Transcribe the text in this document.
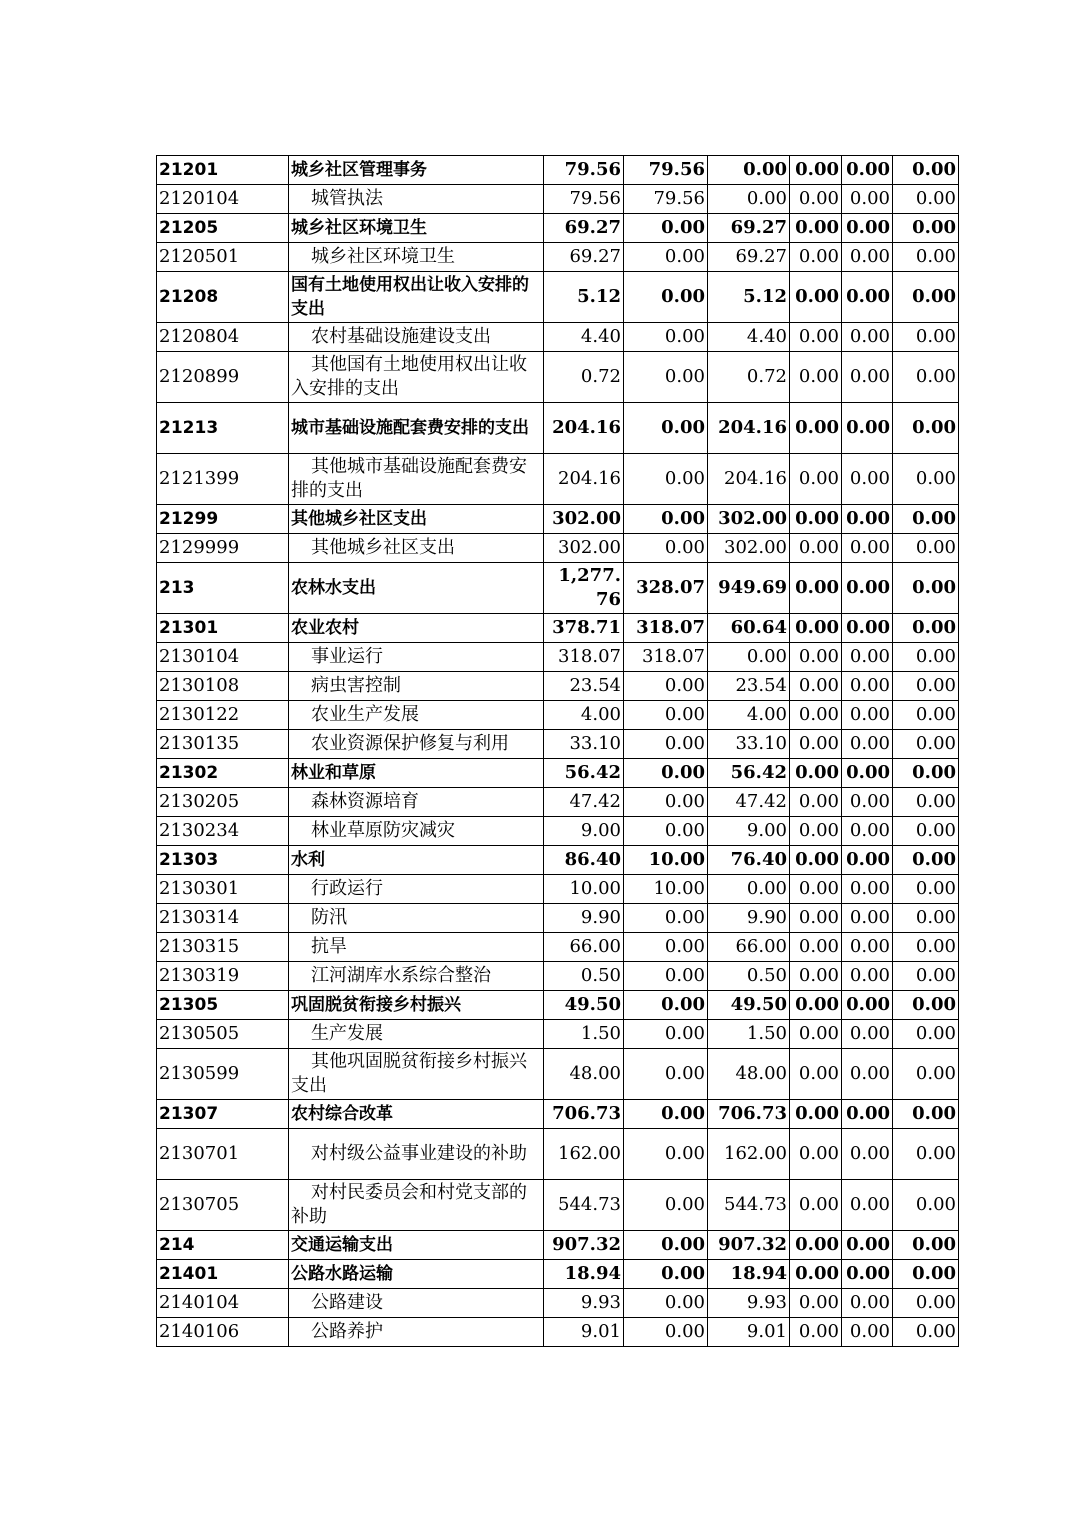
21201	城乡社区管理事务	79.56	79.56	0.00	0.00	0.00	0.00
2120104	城管执法	79.56	79.56	0.00	0.00	0.00	0.00
21205	城乡社区环境卫生	69.27	0.00	69.27	0.00	0.00	0.00
2120501	城乡社区环境卫生	69.27	0.00	69.27	0.00	0.00	0.00
21208	国有土地使用权出让收入安排的支出	5.12	0.00	5.12	0.00	0.00	0.00
2120804	农村基础设施建设支出	4.40	0.00	4.40	0.00	0.00	0.00
2120899	其他国有土地使用权出让收入安排的支出	0.72	0.00	0.72	0.00	0.00	0.00
21213	城市基础设施配套费安排的支出	204.16	0.00	204.16	0.00	0.00	0.00
2121399	其他城市基础设施配套费安排的支出	204.16	0.00	204.16	0.00	0.00	0.00
21299	其他城乡社区支出	302.00	0.00	302.00	0.00	0.00	0.00
2129999	其他城乡社区支出	302.00	0.00	302.00	0.00	0.00	0.00
213	农林水支出	1,277.76	328.07	949.69	0.00	0.00	0.00
21301	农业农村	378.71	318.07	60.64	0.00	0.00	0.00
2130104	事业运行	318.07	318.07	0.00	0.00	0.00	0.00
2130108	病虫害控制	23.54	0.00	23.54	0.00	0.00	0.00
2130122	农业生产发展	4.00	0.00	4.00	0.00	0.00	0.00
2130135	农业资源保护修复与利用	33.10	0.00	33.10	0.00	0.00	0.00
21302	林业和草原	56.42	0.00	56.42	0.00	0.00	0.00
2130205	森林资源培育	47.42	0.00	47.42	0.00	0.00	0.00
2130234	林业草原防灾减灾	9.00	0.00	9.00	0.00	0.00	0.00
21303	水利	86.40	10.00	76.40	0.00	0.00	0.00
2130301	行政运行	10.00	10.00	0.00	0.00	0.00	0.00
2130314	防汛	9.90	0.00	9.90	0.00	0.00	0.00
2130315	抗旱	66.00	0.00	66.00	0.00	0.00	0.00
2130319	江河湖库水系综合整治	0.50	0.00	0.50	0.00	0.00	0.00
21305	巩固脱贫衔接乡村振兴	49.50	0.00	49.50	0.00	0.00	0.00
2130505	生产发展	1.50	0.00	1.50	0.00	0.00	0.00
2130599	其他巩固脱贫衔接乡村振兴支出	48.00	0.00	48.00	0.00	0.00	0.00
21307	农村综合改革	706.73	0.00	706.73	0.00	0.00	0.00
2130701	对村级公益事业建设的补助	162.00	0.00	162.00	0.00	0.00	0.00
2130705	对村民委员会和村党支部的补助	544.73	0.00	544.73	0.00	0.00	0.00
214	交通运输支出	907.32	0.00	907.32	0.00	0.00	0.00
21401	公路水路运输	18.94	0.00	18.94	0.00	0.00	0.00
2140104	公路建设	9.93	0.00	9.93	0.00	0.00	0.00
2140106	公路养护	9.01	0.00	9.01	0.00	0.00	0.00
